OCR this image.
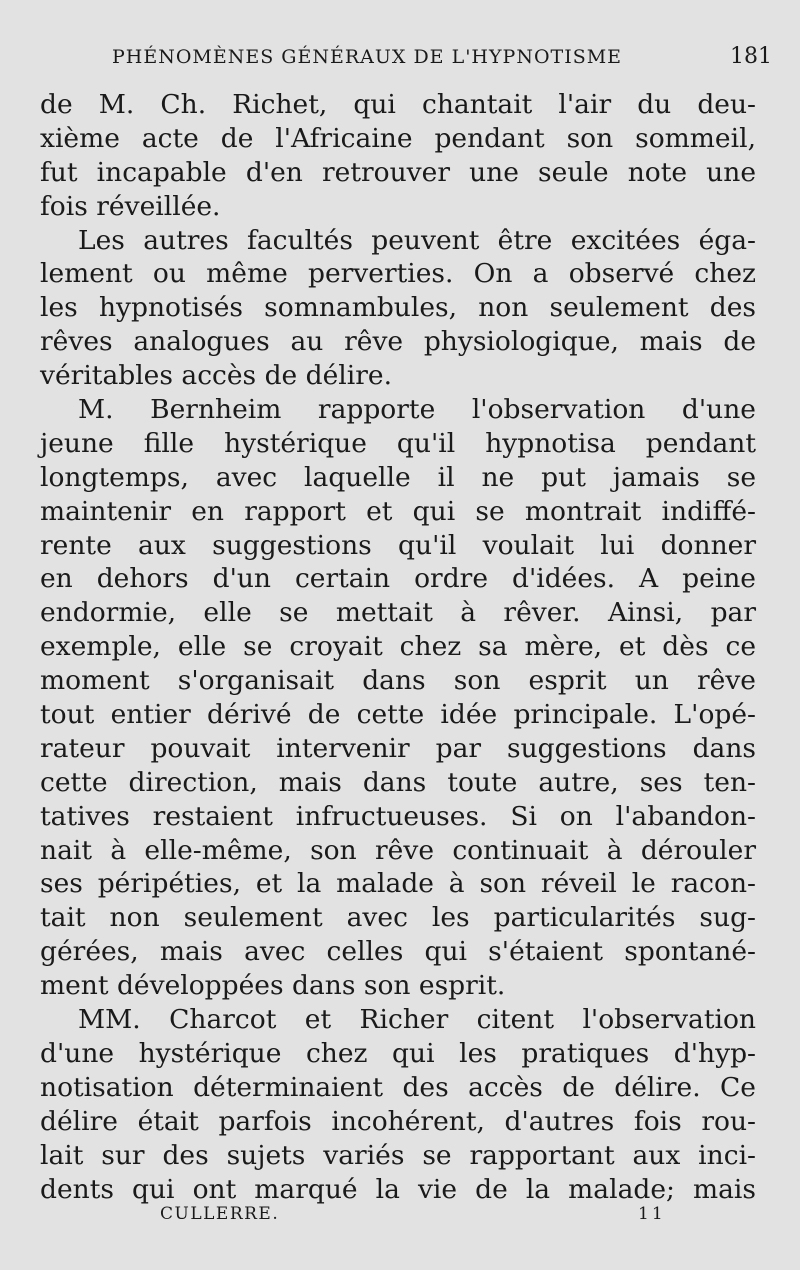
PHÉNOMÈNES GÉNÉRAUX DE L'HYPNOTISME	181
de M. Ch. Richet, qui chantait l'air du deu-
xième acte de l'Africaine pendant son sommeil,
fut incapable d'en retrouver une seule note une
fois réveillée.
Les autres facultés peuvent être excitées éga-
lement ou même perverties. On a observé chez
les hypnotisés somnambules, non seulement des
rêves analogues au rêve physiologique, mais de
véritables accès de délire.
M. Bernheim rapporte l'observation d'une
jeune fille hystérique qu'il hypnotisa pendant
longtemps, avec laquelle il ne put jamais se
maintenir en rapport et qui se montrait indiffé-
rente aux suggestions qu'il voulait lui donner
en dehors d'un certain ordre d'idées. A peine
endormie, elle se mettait à rêver. Ainsi, par
exemple, elle se croyait chez sa mère, et dès ce
moment s'organisait dans son esprit un rêve
tout entier dérivé de cette idée principale. L'opé-
rateur pouvait intervenir par suggestions dans
cette direction, mais dans toute autre, ses ten-
tatives restaient infructueuses. Si on l'abandon-
nait à elle-même, son rêve continuait à dérouler
ses péripéties, et la malade à son réveil le racon-
tait non seulement avec les particularités sug-
gérées, mais avec celles qui s'étaient spontané-
ment développées dans son esprit.
MM. Charcot et Richer citent l'observation
d'une hystérique chez qui les pratiques d'hyp-
notisation déterminaient des accès de délire. Ce
délire était parfois incohérent, d'autres fois rou-
lait sur des sujets variés se rapportant aux inci-
dents qui ont marqué la vie de la malade; mais
CULLERRE.	11
